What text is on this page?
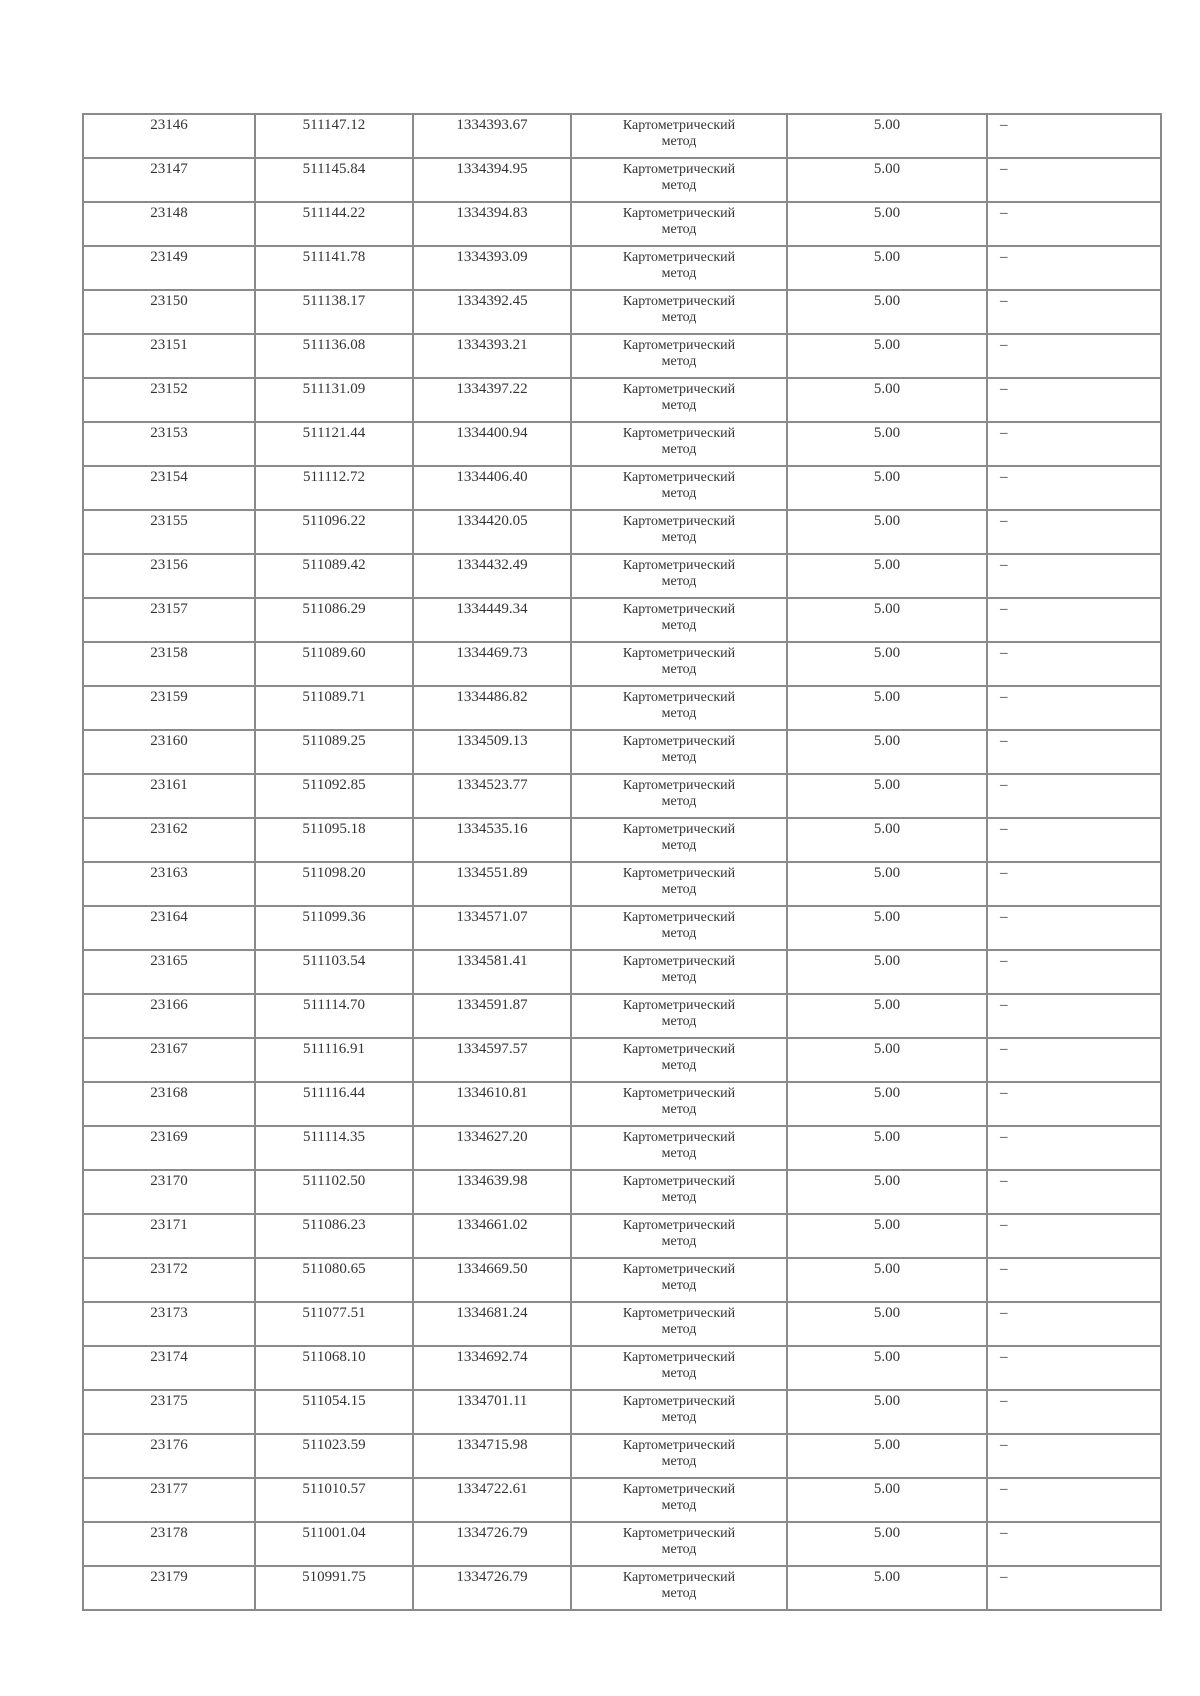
23146	511147.12	1334393.67	Картометрический
метод	5.00	–
23147	511145.84	1334394.95	Картометрический
метод	5.00	–
23148	511144.22	1334394.83	Картометрический
метод	5.00	–
23149	511141.78	1334393.09	Картометрический
метод	5.00	–
23150	511138.17	1334392.45	Картометрический
метод	5.00	–
23151	511136.08	1334393.21	Картометрический
метод	5.00	–
23152	511131.09	1334397.22	Картометрический
метод	5.00	–
23153	511121.44	1334400.94	Картометрический
метод	5.00	–
23154	511112.72	1334406.40	Картометрический
метод	5.00	–
23155	511096.22	1334420.05	Картометрический
метод	5.00	–
23156	511089.42	1334432.49	Картометрический
метод	5.00	–
23157	511086.29	1334449.34	Картометрический
метод	5.00	–
23158	511089.60	1334469.73	Картометрический
метод	5.00	–
23159	511089.71	1334486.82	Картометрический
метод	5.00	–
23160	511089.25	1334509.13	Картометрический
метод	5.00	–
23161	511092.85	1334523.77	Картометрический
метод	5.00	–
23162	511095.18	1334535.16	Картометрический
метод	5.00	–
23163	511098.20	1334551.89	Картометрический
метод	5.00	–
23164	511099.36	1334571.07	Картометрический
метод	5.00	–
23165	511103.54	1334581.41	Картометрический
метод	5.00	–
23166	511114.70	1334591.87	Картометрический
метод	5.00	–
23167	511116.91	1334597.57	Картометрический
метод	5.00	–
23168	511116.44	1334610.81	Картометрический
метод	5.00	–
23169	511114.35	1334627.20	Картометрический
метод	5.00	–
23170	511102.50	1334639.98	Картометрический
метод	5.00	–
23171	511086.23	1334661.02	Картометрический
метод	5.00	–
23172	511080.65	1334669.50	Картометрический
метод	5.00	–
23173	511077.51	1334681.24	Картометрический
метод	5.00	–
23174	511068.10	1334692.74	Картометрический
метод	5.00	–
23175	511054.15	1334701.11	Картометрический
метод	5.00	–
23176	511023.59	1334715.98	Картометрический
метод	5.00	–
23177	511010.57	1334722.61	Картометрический
метод	5.00	–
23178	511001.04	1334726.79	Картометрический
метод	5.00	–
23179	510991.75	1334726.79	Картометрический
метод	5.00	–
